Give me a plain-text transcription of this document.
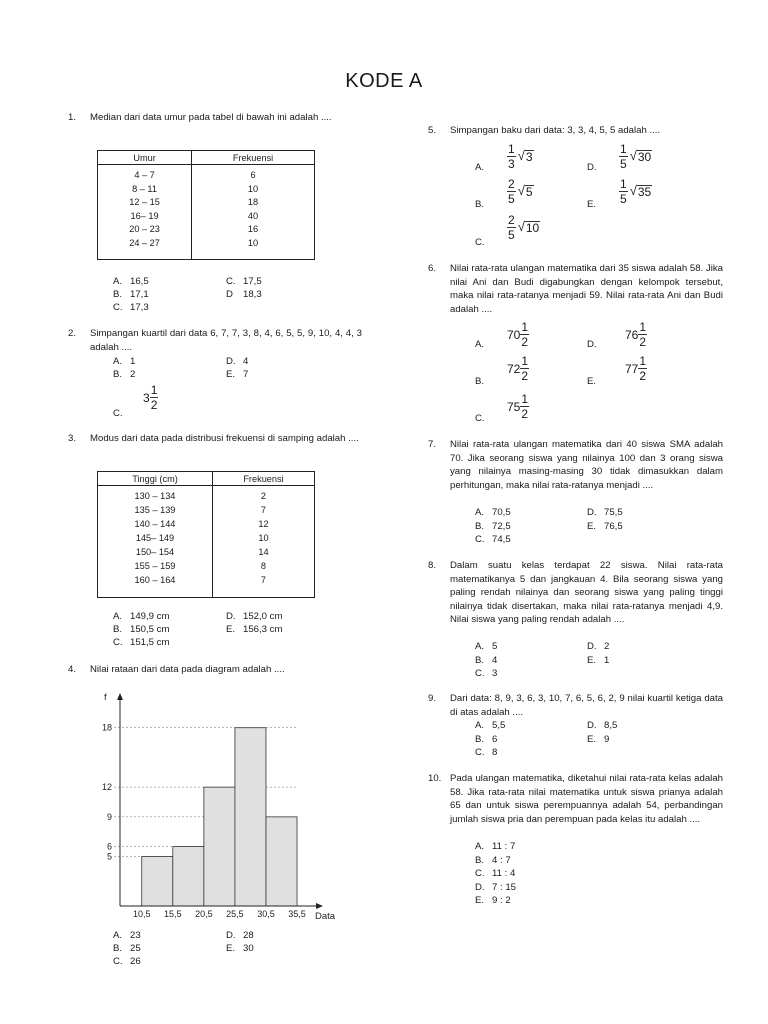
KODE A
1.	Median dari data umur pada tabel di bawah ini adalah ....
Umur	Frekuensi
4 – 7	6
8 – 11	10
12 – 15	18
16– 19	40
20 – 23	16
24 – 27	10
A. 16,5	C. 17,5
B. 17,1	D 18,3
C. 17,3
2.	Simpangan kuartil dari data 6, 7, 7, 3, 8, 4, 6, 5, 5, 9, 10, 4, 4, 3 adalah ....
A. 1	D. 4
B. 2	E. 7
C.
$3 \frac{1}{2}$
3.	Modus dari data pada distribusi frekuensi di samping adalah ....
Tinggi (cm)	Frekuensi
130 – 134	2
135 – 139	7
140 – 144	12
145– 149	10
150– 154	14
155 – 159	8
160 – 164	7
A. 149,9 cm	D. 152,0 cm
B. 150,5 cm	E. 156,3 cm
C. 151,5 cm
4.	Nilai rataan dari data pada diagram adalah ....
A. 23	D. 28
B. 25	E. 30
C. 26
5
6
9
12
18
10,5 15,5 20,5 25,5 30,5 35,5 Data
f
5.	Simpangan baku dari data: 3, 3, 4, 5, 5 adalah ....
A.	$\frac{1}{3}$ √ 3
D.	$\frac{1}{5}$ √ 30
B.	$\frac{2}{5}$ √ 5
E.	$\frac{1}{5}$ √ 35
C.
$\frac{2}{5}$ √ 10
6.	Nilai rata-rata ulangan matematika dari 35 siswa adalah 58. Jika nilai Ani dan Budi digabungkan dengan kelompok tersebut, maka nilai rata-ratanya menjadi 59. Nilai rata-rata Ani dan Budi adalah ....
A.
$70 \frac{1}{2}$	D.
$76 \frac{1}{2}$
B.
$72 \frac{1}{2}$	E.
$77 \frac{1}{2}$
C.
$75 \frac{1}{2}$
7.	Nilai rata-rata ulangan matematika dari 40 siswa SMA adalah 70. Jika seorang siswa yang nilainya 100 dan 3 orang siswa yang nilainya masing-masing 30 tidak dimasukkan dalam perhitungan, maka nilai rata-ratanya menjadi ....
A. 70,5	D. 75,5
B. 72,5	E. 76,5
C. 74,5
8.	Dalam suatu kelas terdapat 22 siswa. Nilai rata-rata matematikanya 5 dan jangkauan 4. Bila seorang siswa yang paling rendah nilainya dan seorang siswa yang paling tinggi nilainya tidak disertakan, maka nilai rata-ratanya menjadi 4,9. Nilai siswa yang paling rendah adalah ....
A. 5	D. 2
B. 4	E. 1
C. 3
9.	Dari data: 8, 9, 3, 6, 3, 10, 7, 6, 5, 6, 2, 9 nilai kuartil ketiga data di atas adalah ....
A. 5,5	D. 8,5
B. 6	E. 9
C. 8
10. Pada ulangan matematika, diketahui nilai rata-rata kelas adalah 58. Jika rata-rata nilai matematika untuk siswa prianya adalah 65 dan untuk siswa perempuannya adalah 54, perbandingan jumlah siswa pria dan perempuan pada kelas itu adalah ....
A. 11 : 7
B. 4 : 7
C. 11 : 4
D. 7 : 15
E. 9 : 2
